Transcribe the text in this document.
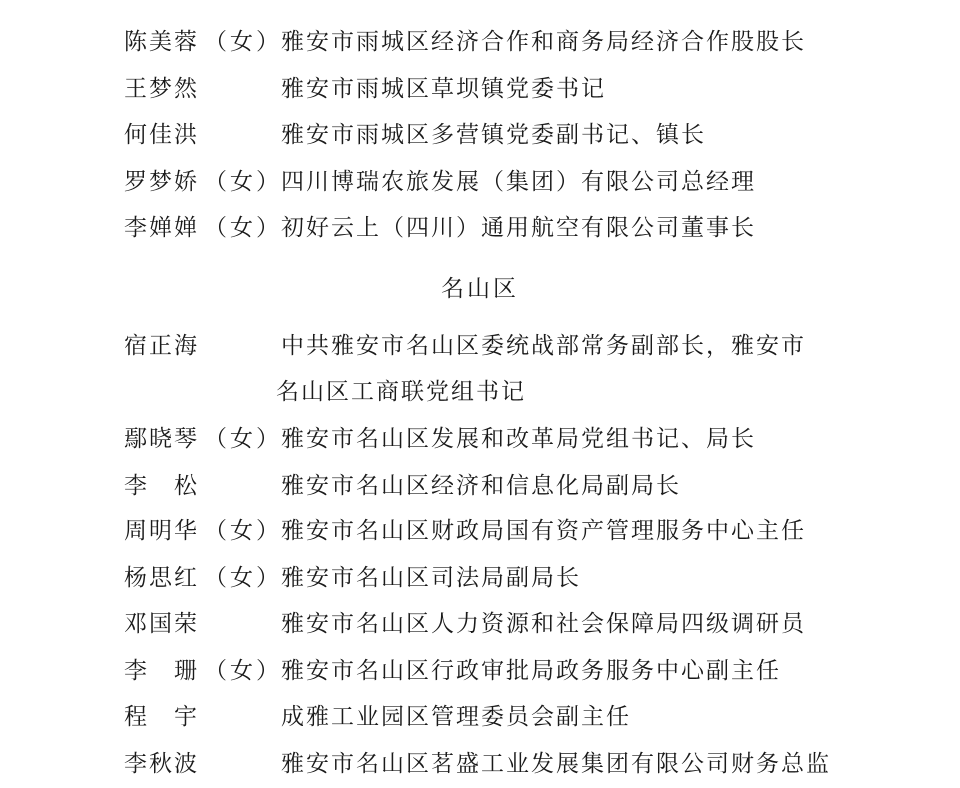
陈美蓉 （女） 雅安市雨城区经济合作和商务局经济合作股股长
王梦然	雅安市雨城区草坝镇党委书记
何佳洪	雅安市雨城区多营镇党委副书记、镇长
罗梦娇 （女） 四川博瑞农旅发展（集团）有限公司总经理
李婵婵 （女） 初好云上（四川）通用航空有限公司董事长
名山区
宿正海	中共雅安市名山区委统战部常务副部长，雅安市
名山区工商联党组书记
鄢晓琴 （女） 雅安市名山区发展和改革局党组书记、局长
李　松	雅安市名山区经济和信息化局副局长
周明华 （女） 雅安市名山区财政局国有资产管理服务中心主任
杨思红 （女） 雅安市名山区司法局副局长
邓国荣	雅安市名山区人力资源和社会保障局四级调研员
李　珊 （女） 雅安市名山区行政审批局政务服务中心副主任
程　宇	成雅工业园区管理委员会副主任
李秋波	雅安市名山区茗盛工业发展集团有限公司财务总监
